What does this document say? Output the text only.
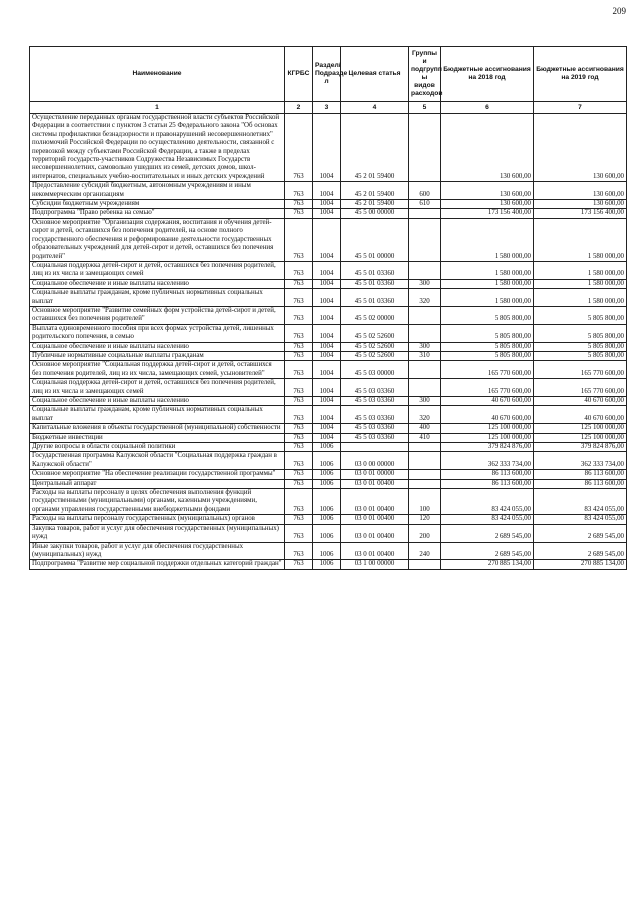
209
Наименование	КГРБС	Раздел/ Подразде л	Целевая статья	Группы и подгрупп ы видов расходов	Бюджетные ассигнования на 2018 год	Бюджетные ассигнования на 2019 год
1	2	3	4	5	6	7
Осуществление переданных органам государственной власти субъектов Российской Федерации в соответствии с пунктом 3 статьи 25 Федерального закона "Об основах системы профилактики безнадзорности и правонарушений несовершеннолетних" полномочий Российской Федерации по осуществлению деятельности, связанной с перевозкой между субъектами Российской Федерации, а также в пределах территорий государств-участников Содружества Независимых Государств несовершеннолетних, самовольно ушедших из семей, детских домов, школ-интернатов, специальных учебно-воспитательных и иных детских учреждений	763	1004	45 2 01 59400		130 600,00	130 600,00
Предоставление субсидий бюджетным, автономным учреждениям и иным некоммерческим организациям	763	1004	45 2 01 59400	600	130 600,00	130 600,00
Субсидии бюджетным учреждениям	763	1004	45 2 01 59400	610	130 600,00	130 600,00
Подпрограмма "Право ребенка на семью"	763	1004	45 5 00 00000		173 156 400,00	173 156 400,00
Основное мероприятие "Организация содержания, воспитания и обучения детей-сирот и детей, оставшихся без попечения родителей, на основе полного государственного обеспечения и реформирование деятельности государственных образовательных учреждений для детей-сирот и детей, оставшихся без попечения родителей"	763	1004	45 5 01 00000		1 580 000,00	1 580 000,00
Социальная поддержка детей-сирот и детей, оставшихся без попечения родителей, лиц из их числа и замещающих семей	763	1004	45 5 01 03360		1 580 000,00	1 580 000,00
Социальное обеспечение и иные выплаты населению	763	1004	45 5 01 03360	300	1 580 000,00	1 580 000,00
Социальные выплаты гражданам, кроме публичных нормативных социальных выплат	763	1004	45 5 01 03360	320	1 580 000,00	1 580 000,00
Основное мероприятие "Развитие семейных форм устройства детей-сирот и детей, оставшихся без попечения родителей"	763	1004	45 5 02 00000		5 805 800,00	5 805 800,00
Выплата единовременного пособия при всех формах устройства детей, лишенных родительского попечения, в семью	763	1004	45 5 02 52600		5 805 800,00	5 805 800,00
Социальное обеспечение и иные выплаты населению	763	1004	45 5 02 52600	300	5 805 800,00	5 805 800,00
Публичные нормативные социальные выплаты гражданам	763	1004	45 5 02 52600	310	5 805 800,00	5 805 800,00
Основное мероприятие "Социальная поддержка детей-сирот и детей, оставшихся без попечения родителей, лиц из их числа, замещающих семей, усыновителей"	763	1004	45 5 03 00000		165 770 600,00	165 770 600,00
Социальная поддержка детей-сирот и детей, оставшихся без попечения родителей, лиц из их числа и замещающих семей	763	1004	45 5 03 03360		165 770 600,00	165 770 600,00
Социальное обеспечение и иные выплаты населению	763	1004	45 5 03 03360	300	40 670 600,00	40 670 600,00
Социальные выплаты гражданам, кроме публичных нормативных социальных выплат	763	1004	45 5 03 03360	320	40 670 600,00	40 670 600,00
Капитальные вложения в объекты государственной (муниципальной) собственности	763	1004	45 5 03 03360	400	125 100 000,00	125 100 000,00
Бюджетные инвестиции	763	1004	45 5 03 03360	410	125 100 000,00	125 100 000,00
Другие вопросы в области социальной политики	763	1006			379 824 876,00	379 824 876,00
Государственная программа Калужской области "Социальная поддержка граждан в Калужской области"	763	1006	03 0 00 00000		362 333 734,00	362 333 734,00
Основное мероприятие "На обеспечение реализации государственной программы"	763	1006	03 0 01 00000		86 113 600,00	86 113 600,00
Центральный аппарат	763	1006	03 0 01 00400		86 113 600,00	86 113 600,00
Расходы на выплаты персоналу в целях обеспечения выполнения функций государственными (муниципальными) органами, казенными учреждениями, органами управления государственными внебюджетными фондами	763	1006	03 0 01 00400	100	83 424 055,00	83 424 055,00
Расходы на выплаты персоналу государственных (муниципальных) органов	763	1006	03 0 01 00400	120	83 424 055,00	83 424 055,00
Закупка товаров, работ и услуг для обеспечения государственных (муниципальных) нужд	763	1006	03 0 01 00400	200	2 689 545,00	2 689 545,00
Иные закупки товаров, работ и услуг для обеспечения государственных (муниципальных) нужд	763	1006	03 0 01 00400	240	2 689 545,00	2 689 545,00
Подпрограмма "Развитие мер социальной поддержки отдельных категорий граждан"	763	1006	03 1 00 00000		270 885 134,00	270 885 134,00
